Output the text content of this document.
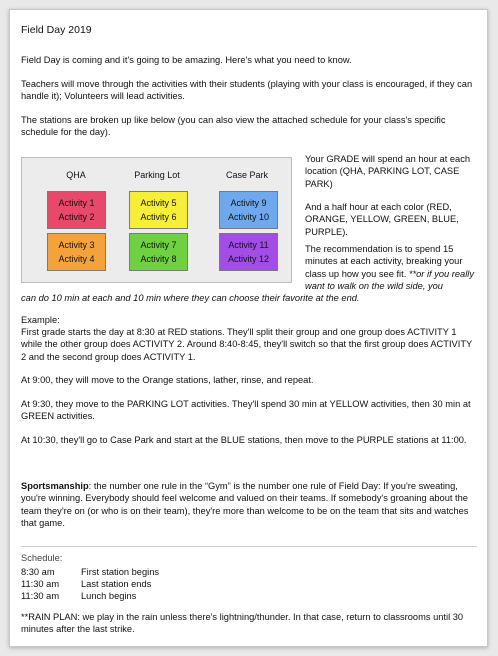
Field Day 2019

Field Day is coming and it's going to be amazing. Here's what you need to know.

Teachers will move through the activities with their students (playing with your class is encouraged, if they can handle it); Volunteers will lead activities.

The stations are broken up like below (you can also view the attached schedule for your class's specific schedule for the day).

QHA	Parking Lot	Case Park
Activity 1
Activity 2
Activity 5
Activity 6
Activity 9
Activity 10
Activity 3
Activity 4
Activity 7
Activity 8
Activity 11
Activity 12

Your GRADE will spend an hour at each location (QHA, PARKING LOT, CASE PARK)

And a half hour at each color (RED, ORANGE, YELLOW, GREEN, BLUE, PURPLE).

The recommendation is to spend 15 minutes at each activity, breaking your class up how you see fit. **or if you really want to walk on the wild side, you

can do 10 min at each and 10 min where they can choose their favorite at the end.

Example:

First grade starts the day at 8:30 at RED stations. They'll split their group and one group does ACTIVITY 1 while the other group does ACTIVITY 2. Around 8:40-8:45, they'll switch so that the first group does ACTIVITY 2 and the second group does ACTIVITY 1.

At 9:00, they will move to the Orange stations, lather, rinse, and repeat.

At 9:30, they move to the PARKING LOT activities. They'll spend 30 min at YELLOW activities, then 30 min at GREEN activities.

At 10:30, they'll go to Case Park and start at the BLUE stations, then move to the PURPLE stations at 11:00.

Sportsmanship: the number one rule in the “Gym” is the number one rule of Field Day: If you're sweating, you're winning. Everybody should feel welcome and valued on their teams. If somebody's groaning about the team they're on (or who is on their team), they're more than welcome to be on the team that sits and watches that game.

Schedule:
8:30 am	First station begins
11:30 am Last station ends
11:30 am Lunch begins

**RAIN PLAN: we play in the rain unless there's lightning/thunder. In that case, return to classrooms until 30 minutes after the last strike.
